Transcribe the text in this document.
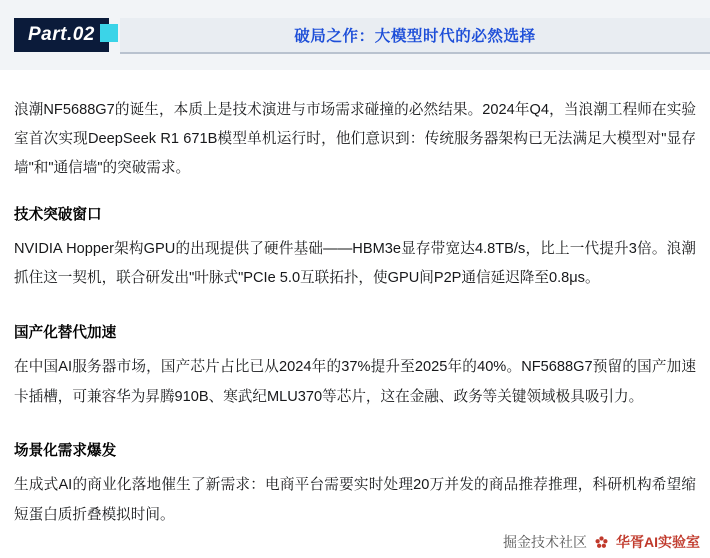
Part.02	破局之作：大模型时代的必然选择

浪潮NF5688G7的诞生，本质上是技术演进与市场需求碰撞的必然结果。2024年Q4，当浪潮工程师在实验室首次实现DeepSeek R1 671B模型单机运行时，他们意识到：传统服务器架构已无法满足大模型对"显存墙"和"通信墙"的突破需求。

技术突破窗口

NVIDIA Hopper架构GPU的出现提供了硬件基础——HBM3e显存带宽达4.8TB/s，比上一代提升3倍。浪潮抓住这一契机，联合研发出"叶脉式"PCIe 5.0互联拓扑，使GPU间P2P通信延迟降至0.8μs。

国产化替代加速

在中国AI服务器市场，国产芯片占比已从2024年的37%提升至2025年的40%。NF5688G7预留的国产加速卡插槽，可兼容华为昇腾910B、寒武纪MLU370等芯片，这在金融、政务等关键领域极具吸引力。

场景化需求爆发

生成式AI的商业化落地催生了新需求：电商平台需要实时处理20万并发的商品推荐推理，科研机构希望缩短蛋白质折叠模拟时间。

掘金技术社区 华胥AI实验室
